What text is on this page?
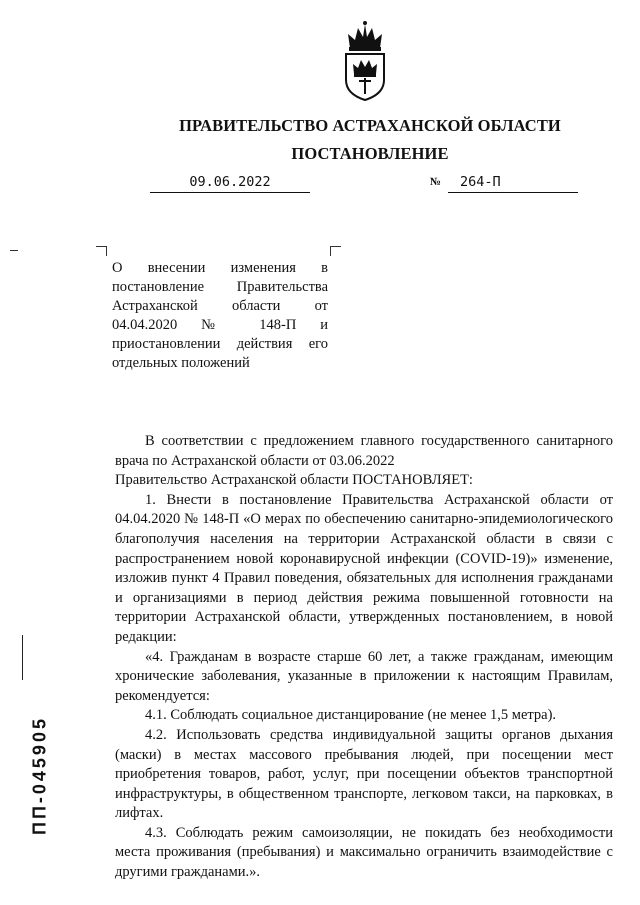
ПРАВИТЕЛЬСТВО АСТРАХАНСКОЙ ОБЛАСТИ
ПОСТАНОВЛЕНИЕ
09.06.2022	№	264-П
О внесении изменения в постановление Правительства Астраханской области от 04.04.2020 № 148-П и приостановлении действия его отдельных положений

В соответствии с предложением главного государственного санитарного врача по Астраханской области от 03.06.2022

Правительство Астраханской области ПОСТАНОВЛЯЕТ:

1. Внести в постановление Правительства Астраханской области от 04.04.2020 № 148-П «О мерах по обеспечению санитарно-эпидемиологического благополучия населения на территории Астраханской области в связи с распространением новой коронавирусной инфекции (COVID-19)» изменение, изложив пункт 4 Правил поведения, обязательных для исполнения гражданами и организациями в период действия режима повышенной готовности на территории Астраханской области, утвержденных постановлением, в новой редакции:

«4. Гражданам в возрасте старше 60 лет, а также гражданам, имеющим хронические заболевания, указанные в приложении к настоящим Правилам, рекомендуется:

4.1. Соблюдать социальное дистанцирование (не менее 1,5 метра).

4.2. Использовать средства индивидуальной защиты органов дыхания (маски) в местах массового пребывания людей, при посещении мест приобретения товаров, работ, услуг, при посещении объектов транспортной инфраструктуры, в общественном транспорте, легковом такси, на парковках, в лифтах.

4.3. Соблюдать режим самоизоляции, не покидать без необходимости места проживания (пребывания) и максимально ограничить взаимодействие с другими гражданами.».

ПП-045905
